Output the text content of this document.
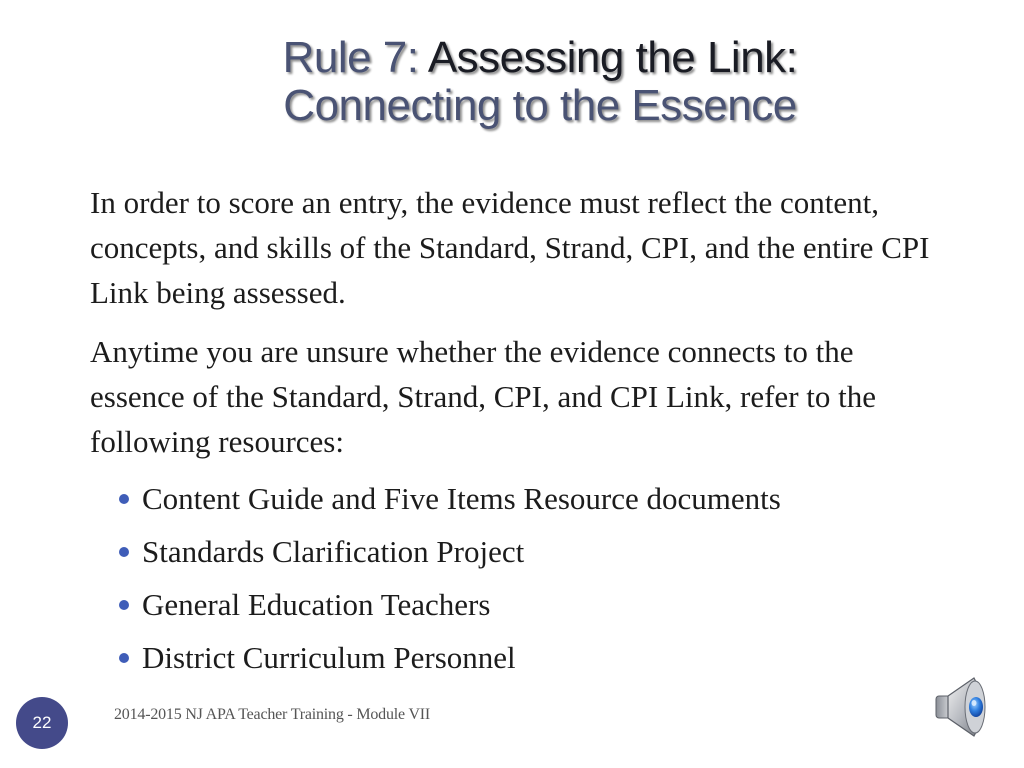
Rule 7: Assessing the Link:
Connecting to the Essence

In order to score an entry, the evidence must reflect the content, concepts, and skills of the Standard, Strand, CPI, and the entire CPI Link being assessed.

Anytime you are unsure whether the evidence connects to the essence of the Standard, Strand, CPI, and CPI Link, refer to the following resources:

Content Guide and Five Items Resource documents
Standards Clarification Project
General Education Teachers
District Curriculum Personnel
22	2014-2015 NJ APA Teacher Training - Module VII
